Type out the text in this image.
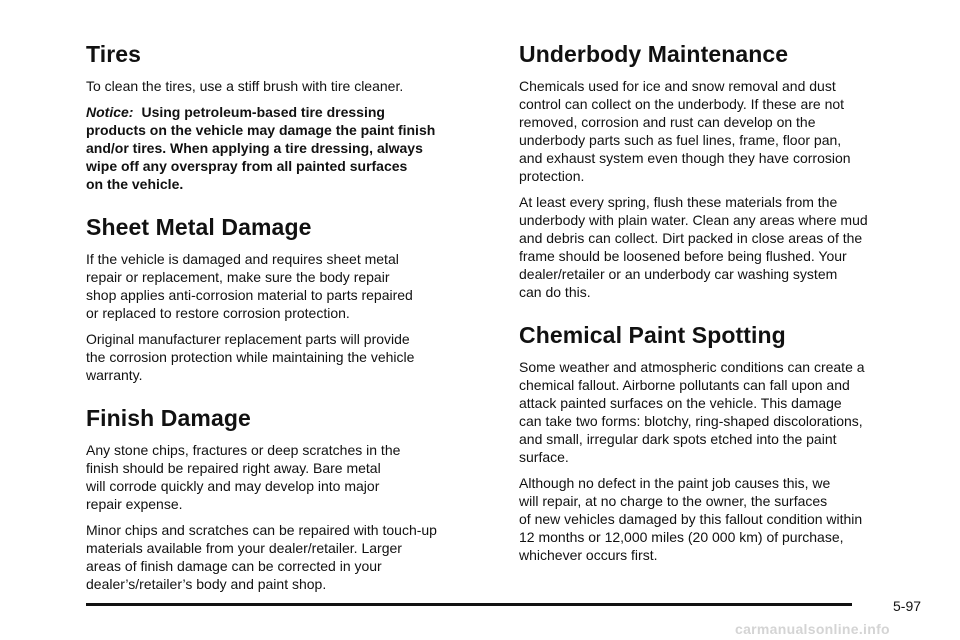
Tires

To clean the tires, use a stiff brush with tire cleaner.

Notice: Using petroleum-based tire dressing
products on the vehicle may damage the paint finish
and/or tires. When applying a tire dressing, always
wipe off any overspray from all painted surfaces
on the vehicle.

Sheet Metal Damage

If the vehicle is damaged and requires sheet metal
repair or replacement, make sure the body repair
shop applies anti-corrosion material to parts repaired
or replaced to restore corrosion protection.

Original manufacturer replacement parts will provide
the corrosion protection while maintaining the vehicle
warranty.

Finish Damage

Any stone chips, fractures or deep scratches in the
finish should be repaired right away. Bare metal
will corrode quickly and may develop into major
repair expense.

Minor chips and scratches can be repaired with touch-up
materials available from your dealer/retailer. Larger
areas of finish damage can be corrected in your
dealer’s/retailer’s body and paint shop.

Underbody Maintenance

Chemicals used for ice and snow removal and dust
control can collect on the underbody. If these are not
removed, corrosion and rust can develop on the
underbody parts such as fuel lines, frame, floor pan,
and exhaust system even though they have corrosion
protection.

At least every spring, flush these materials from the
underbody with plain water. Clean any areas where mud
and debris can collect. Dirt packed in close areas of the
frame should be loosened before being flushed. Your
dealer/retailer or an underbody car washing system
can do this.

Chemical Paint Spotting

Some weather and atmospheric conditions can create a
chemical fallout. Airborne pollutants can fall upon and
attack painted surfaces on the vehicle. This damage
can take two forms: blotchy, ring-shaped discolorations,
and small, irregular dark spots etched into the paint
surface.

Although no defect in the paint job causes this, we
will repair, at no charge to the owner, the surfaces
of new vehicles damaged by this fallout condition within
12 months or 12,000 miles (20 000 km) of purchase,
whichever occurs first.

5-97
carmanualsonline.info
